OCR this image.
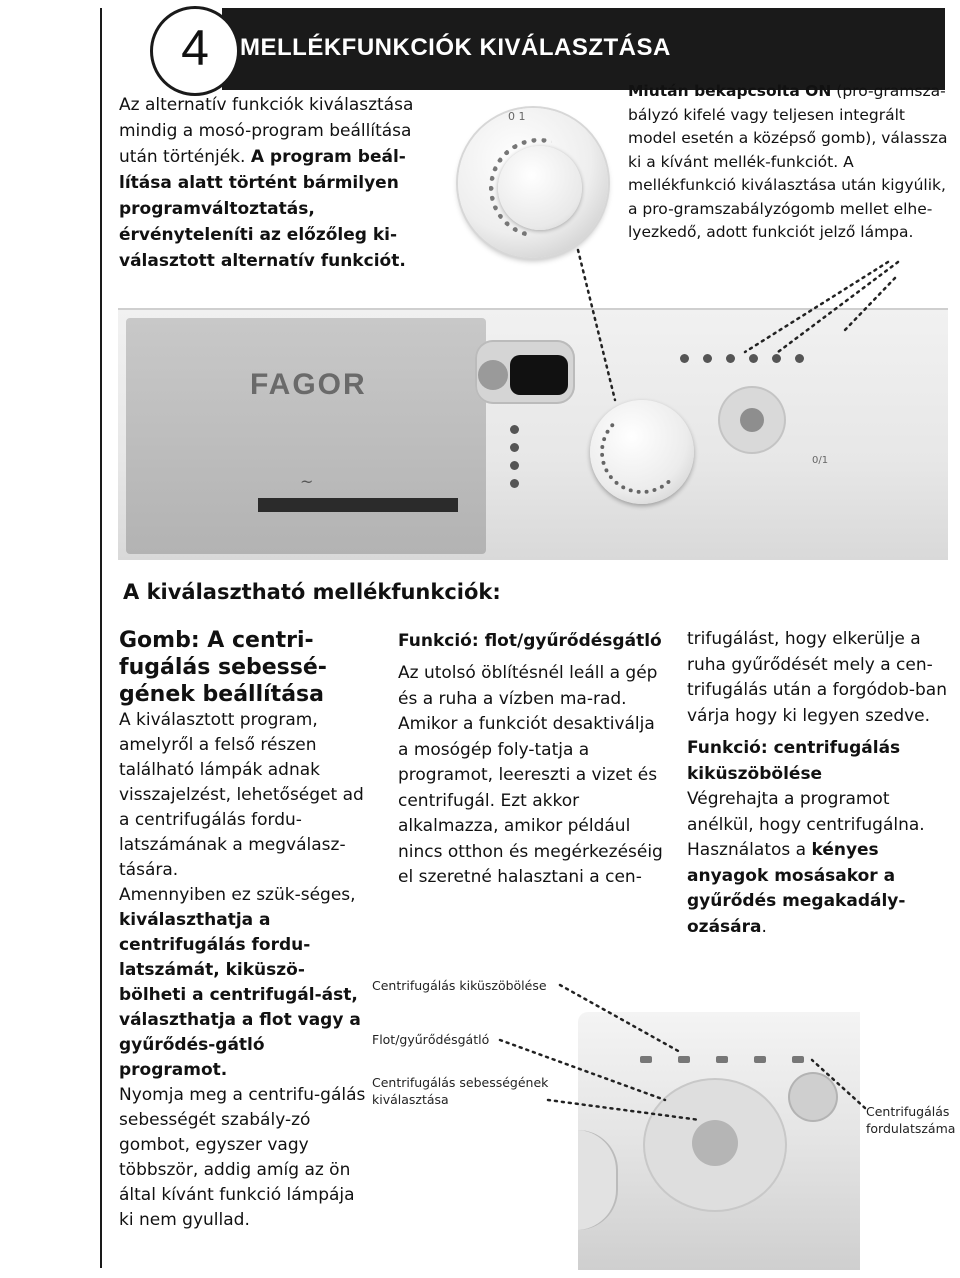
4	MELLÉKFUNKCIÓK KIVÁLASZTÁSA
Az alternatív funkciók kiválasztása mindig a mosó-program beállítása után történjék. A program beál-lítása alatt történt bármilyen programváltoztatás, érvényteleníti az előzőleg ki-választott alternatív funkciót.
0 1
Miután bekapcsolta ON (pro-gramsza-bályzó kifelé vagy teljesen integrált model esetén a középső gomb), válassza ki a kívánt mellék-funkciót. A mellékfunkció kiválasztása után kigyúlik, a pro-gramszabályzógomb mellet elhe-lyezkedő, adott funkciót jelző lámpa.
FAGOR
~
0/1
A kiválasztható mellékfunkciók:
Gomb: A centri-fugálás sebessé-gének beállítása
A kiválasztott program, amelyről a felső részen található lámpák adnak visszajelzést, lehetőséget ad a centrifugálás fordu-latszámának a megválasz-tására.
Amennyiben ez szük-séges, kiválaszthatja a centrifugálás fordu-latszámát, kiküszö-bölheti a centrifugál-ást, választhatja a flot vagy a gyűrődés-gátló programot.
Nyomja meg a centrifu-gálás sebességét szabály-zó gombot, egyszer vagy többször, addig amíg az ön által kívánt funkció lámpája ki nem gyullad.
Funkció: flot/gyűrődésgátló
Az utolsó öblítésnél leáll a gép és a ruha a vízben ma-rad. Amikor a funkciót desaktiválja a mosógép foly-tatja a programot, leereszti a vizet és centrifugál. Ezt akkor alkalmazza, amikor például nincs otthon és megérkezéséig el szeretné halasztani a cen-
trifugálást, hogy elkerülje a ruha gyűrődését mely a cen-trifugálás után a forgódob-ban várja hogy ki legyen szedve.
Funkció: centrifugálás kiküszöbölése
Végrehajta a programot anélkül, hogy centrifugálna. Használatos a kényes anyagok mosásakor a gyűrődés megakadály-ozására.
Centrifugálás kiküszöbölése
Flot/gyűrődésgátló
Centrifugálás sebességének kiválasztása
Centrifugálás fordulatszáma
